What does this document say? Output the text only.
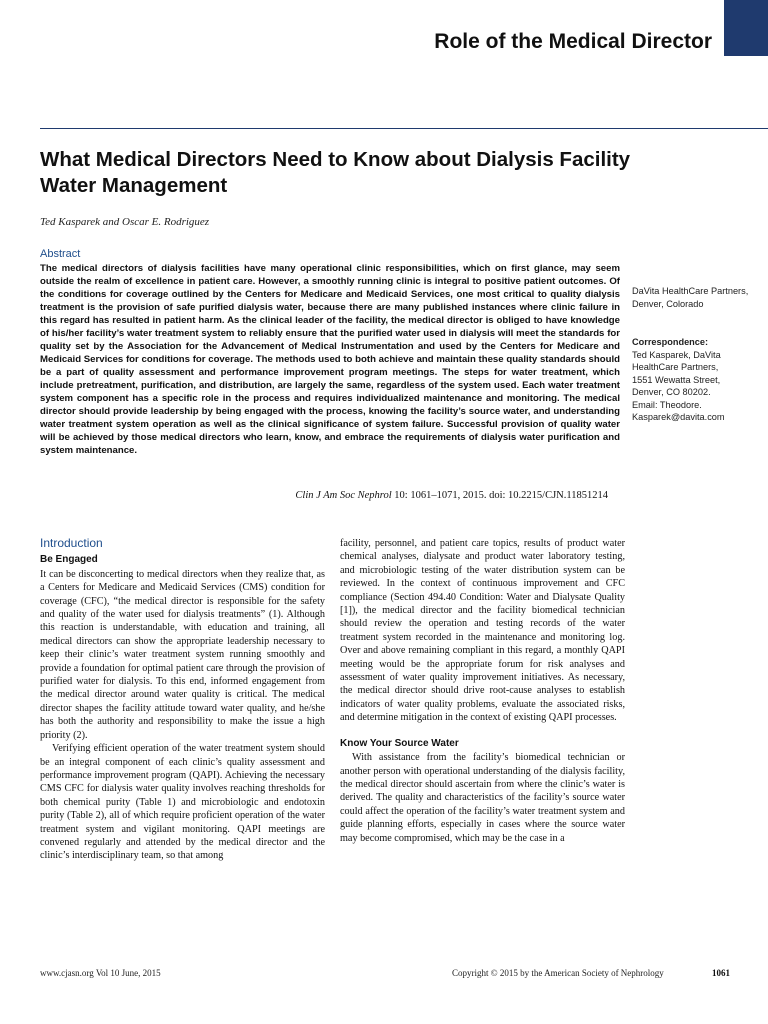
Role of the Medical Director
What Medical Directors Need to Know about Dialysis Facility Water Management
Ted Kasparek and Oscar E. Rodriguez
Abstract

The medical directors of dialysis facilities have many operational clinic responsibilities, which on first glance, may seem outside the realm of excellence in patient care. However, a smoothly running clinic is integral to positive patient outcomes. Of the conditions for coverage outlined by the Centers for Medicare and Medicaid Services, one most critical to quality dialysis treatment is the provision of safe purified dialysis water, because there are many published instances where clinic failure in this regard has resulted in patient harm. As the clinical leader of the facility, the medical director is obliged to have knowledge of his/her facility’s water treatment system to reliably ensure that the purified water used in dialysis will meet the standards for quality set by the Association for the Advancement of Medical Instrumentation and used by the Centers for Medicare and Medicaid Services for conditions for coverage. The methods used to both achieve and maintain these quality standards should be a part of quality assessment and performance improvement program meetings. The steps for water treatment, which include pretreatment, purification, and distribution, are largely the same, regardless of the system used. Each water treatment system component has a specific role in the process and requires individualized maintenance and monitoring. The medical director should provide leadership by being engaged with the process, knowing the facility’s source water, and understanding water treatment system operation as well as the clinical significance of system failure. Successful provision of quality water will be achieved by those medical directors who learn, know, and embrace the requirements of dialysis water purification and system maintenance.

Clin J Am Soc Nephrol 10: 1061–1071, 2015. doi: 10.2215/CJN.11851214
DaVita HealthCare Partners, Denver, Colorado
Correspondence:
Ted Kasparek, DaVita
HealthCare Partners,
1551 Wewatta Street,
Denver, CO 80202.
Email: Theodore.
Kasparek@davita.com
Introduction
Be Engaged

It can be disconcerting to medical directors when they realize that, as a Centers for Medicare and Medicaid Services (CMS) condition for coverage (CFC), “the medical director is responsible for the safety and quality of the water used for dialysis treatments” (1). Although this reaction is understandable, with education and training, all medical directors can show the appropriate leadership necessary to keep their clinic’s water treatment system running smoothly and provide a foundation for optimal patient care through the provision of purified water for dialysis. To this end, informed engagement from the medical director around water quality is critical. The medical director shapes the facility attitude toward water quality, and he/she has both the authority and responsibility to make the issue a high priority (2).

Verifying efficient operation of the water treatment system should be an integral component of each clinic’s quality assessment and performance improvement program (QAPI). Achieving the necessary CMS CFC for dialysis water quality involves reaching thresholds for both chemical purity (Table 1) and microbiologic and endotoxin purity (Table 2), all of which require proficient operation of the water treatment system and vigilant monitoring. QAPI meetings are convened regularly and attended by the medical director and the clinic’s interdisciplinary team, so that among

facility, personnel, and patient care topics, results of product water chemical analyses, dialysate and product water laboratory testing, and microbiologic testing of the water distribution system can be reviewed. In the context of continuous improvement and CFC compliance (Section 494.40 Condition: Water and Dialysate Quality [1]), the medical director and the facility biomedical technician should review the operation and testing records of the water treatment system recorded in the maintenance and monitoring log. Over and above remaining compliant in this regard, a monthly QAPI meeting would be the appropriate forum for risk analyses and assessment of water quality improvement initiatives. As necessary, the medical director should drive root-cause analyses to establish indicators of water quality problems, evaluate the associated risks, and determine mitigation in the context of existing QAPI processes.

Know Your Source Water

With assistance from the facility’s biomedical technician or another person with operational understanding of the dialysis facility, the medical director should ascertain from where the clinic’s water is derived. The quality and characteristics of the facility’s source water could affect the operation of the facility’s water treatment system and guide planning efforts, especially in cases where the source water may become compromised, which may be the case in a

www.cjasn.org Vol 10 June, 2015	Copyright © 2015 by the American Society of Nephrology	1061
